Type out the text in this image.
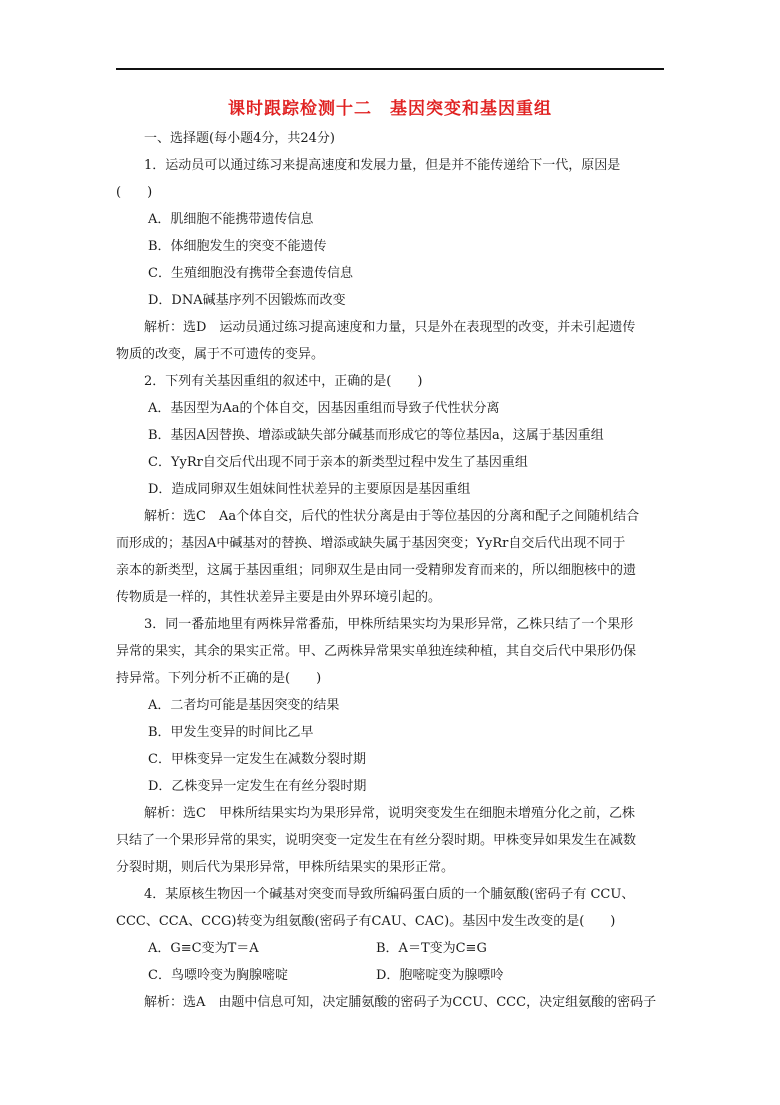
课时跟踪检测十二　基因突变和基因重组
一、选择题(每小题4分，共24分)
1．运动员可以通过练习来提高速度和发展力量，但是并不能传递给下一代，原因是
(　　)
A．肌细胞不能携带遗传信息
B．体细胞发生的突变不能遗传
C．生殖细胞没有携带全套遗传信息
D．DNA碱基序列不因锻炼而改变
解析：选D　运动员通过练习提高速度和力量，只是外在表现型的改变，并未引起遗传
物质的改变，属于不可遗传的变异。
2．下列有关基因重组的叙述中，正确的是(　　)
A．基因型为Aa的个体自交，因基因重组而导致子代性状分离
B．基因A因替换、增添或缺失部分碱基而形成它的等位基因a，这属于基因重组
C．YyRr自交后代出现不同于亲本的新类型过程中发生了基因重组
D．造成同卵双生姐妹间性状差异的主要原因是基因重组
解析：选C　Aa个体自交，后代的性状分离是由于等位基因的分离和配子之间随机结合
而形成的；基因A中碱基对的替换、增添或缺失属于基因突变；YyRr自交后代出现不同于
亲本的新类型，这属于基因重组；同卵双生是由同一受精卵发育而来的，所以细胞核中的遗
传物质是一样的，其性状差异主要是由外界环境引起的。
3．同一番茄地里有两株异常番茄，甲株所结果实均为果形异常，乙株只结了一个果形
异常的果实，其余的果实正常。甲、乙两株异常果实单独连续种植，其自交后代中果形仍保
持异常。下列分析不正确的是(　　)
A．二者均可能是基因突变的结果
B．甲发生变异的时间比乙早
C．甲株变异一定发生在减数分裂时期
D．乙株变异一定发生在有丝分裂时期
解析：选C　甲株所结果实均为果形异常，说明突变发生在细胞未增殖分化之前，乙株
只结了一个果形异常的果实，说明突变一定发生在有丝分裂时期。甲株变异如果发生在减数
分裂时期，则后代为果形异常，甲株所结果实的果形正常。
4．某原核生物因一个碱基对突变而导致所编码蛋白质的一个脯氨酸(密码子有 CCU、
CCC、CCA、CCG)转变为组氨酸(密码子有CAU、CAC)。基因中发生改变的是(　　)
A．G≡C变为T＝A	B．A＝T变为C≡G
C．鸟嘌呤变为胸腺嘧啶	D．胞嘧啶变为腺嘌呤
解析：选A　由题中信息可知，决定脯氨酸的密码子为CCU、CCC，决定组氨酸的密码子
